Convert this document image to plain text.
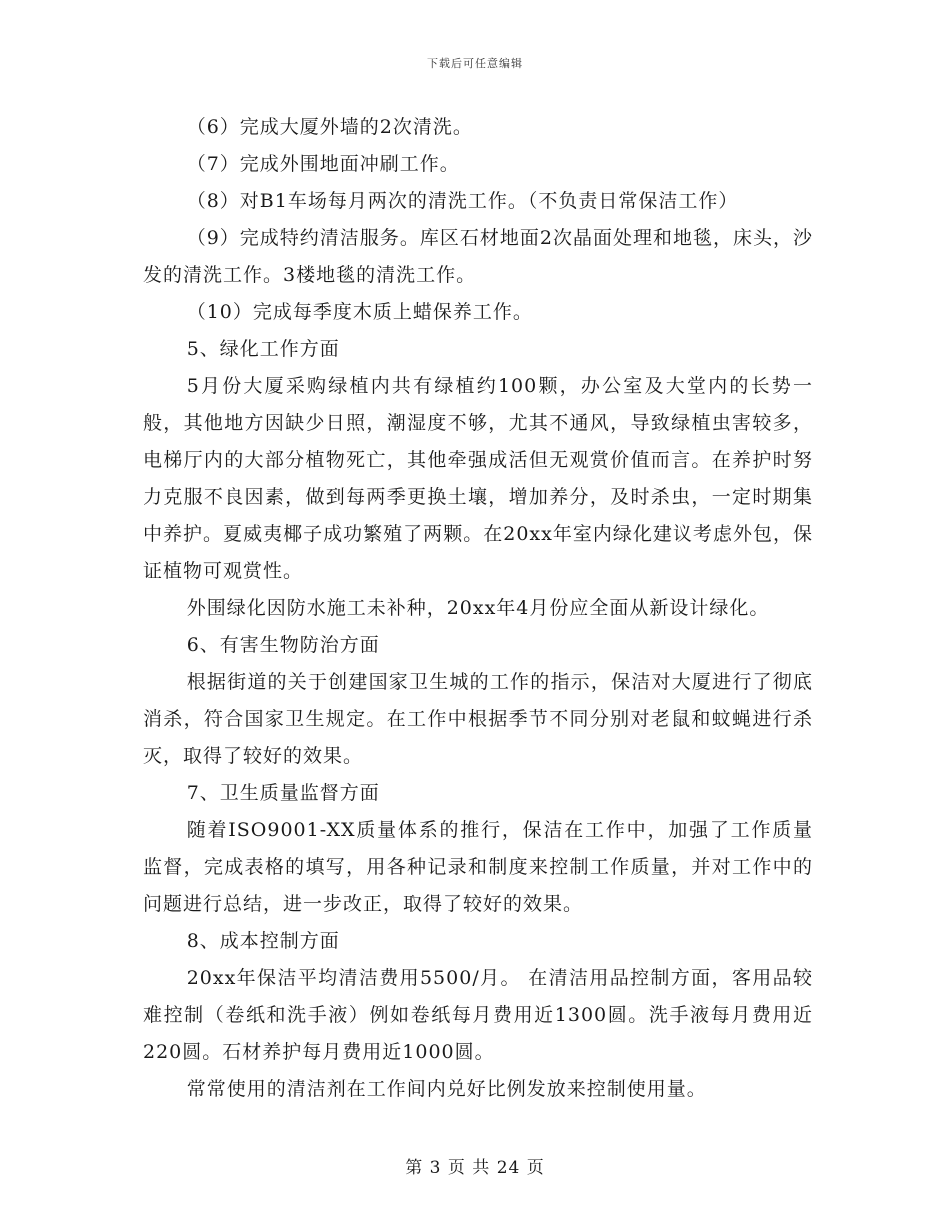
下载后可任意编辑

（6）完成大厦外墙的2次清洗。

（7）完成外围地面冲刷工作。

（8）对B1车场每月两次的清洗工作。（不负责日常保洁工作）

（9）完成特约清洁服务。库区石材地面2次晶面处理和地毯，床头，沙发的清洗工作。3楼地毯的清洗工作。

（10）完成每季度木质上蜡保养工作。

5、绿化工作方面

5月份大厦采购绿植内共有绿植约100颗，办公室及大堂内的长势一般，其他地方因缺少日照，潮湿度不够，尤其不通风，导致绿植虫害较多，电梯厅内的大部分植物死亡，其他牵强成活但无观赏价值而言。在养护时努力克服不良因素，做到每两季更换土壤，增加养分，及时杀虫，一定时期集中养护。夏威夷椰子成功繁殖了两颗。在20xx年室内绿化建议考虑外包，保证植物可观赏性。

外围绿化因防水施工未补种，20xx年4月份应全面从新设计绿化。

6、有害生物防治方面

根据街道的关于创建国家卫生城的工作的指示，保洁对大厦进行了彻底消杀，符合国家卫生规定。在工作中根据季节不同分别对老鼠和蚊蝇进行杀灭，取得了较好的效果。

7、卫生质量监督方面

随着ISO9001-XX质量体系的推行，保洁在工作中，加强了工作质量监督，完成表格的填写，用各种记录和制度来控制工作质量，并对工作中的问题进行总结，进一步改正，取得了较好的效果。

8、成本控制方面

20xx年保洁平均清洁费用5500/月。 在清洁用品控制方面，客用品较难控制（卷纸和洗手液）例如卷纸每月费用近1300圆。洗手液每月费用近220圆。石材养护每月费用近1000圆。

常常使用的清洁剂在工作间内兑好比例发放来控制使用量。

第 3 页 共 24 页
